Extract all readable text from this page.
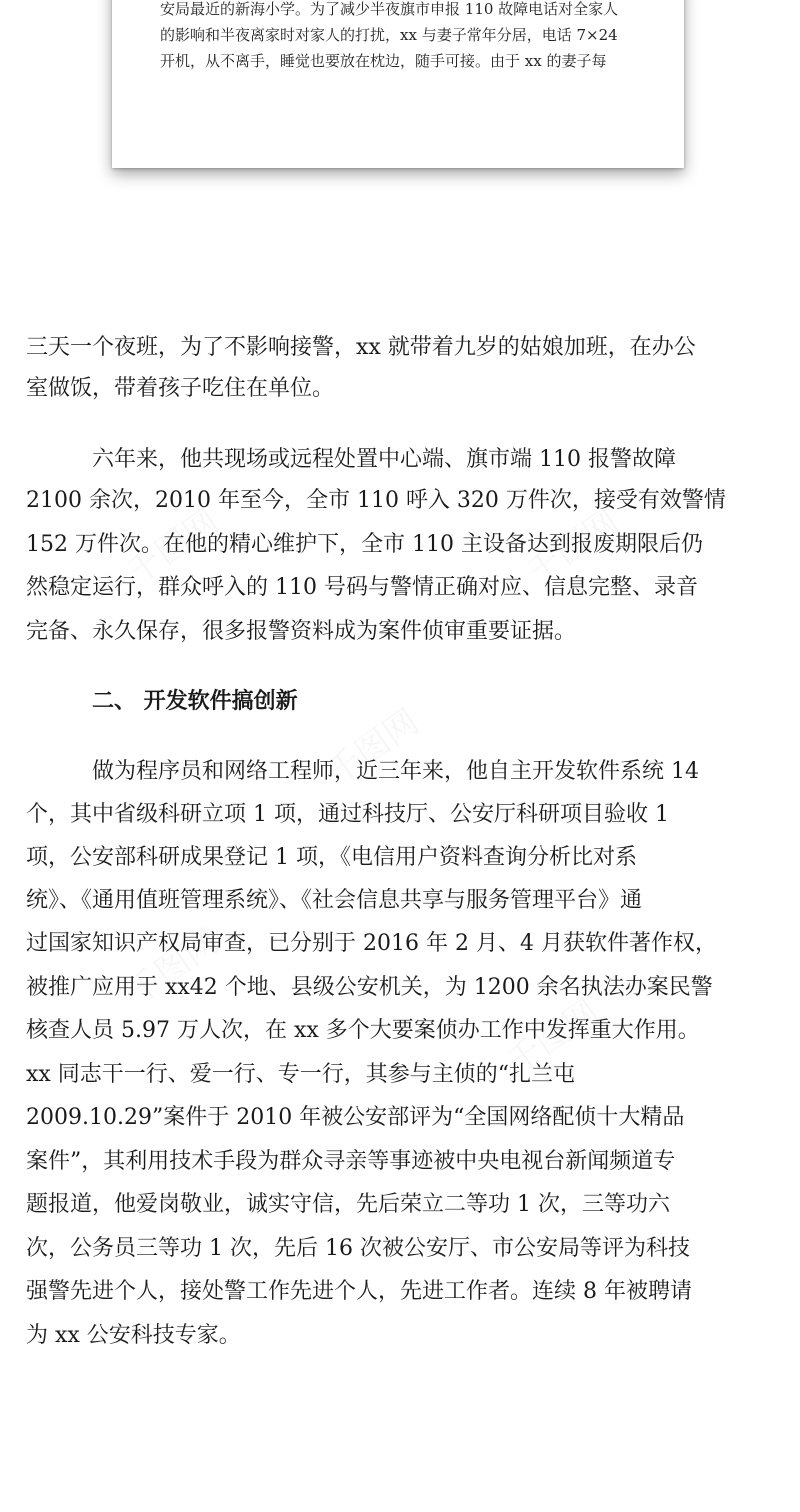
千图网	千图网
千图网
千图网
千图网
安局最近的新海小学。为了减少半夜旗市申报 110 故障电话对全家人
的影响和半夜离家时对家人的打扰，xx 与妻子常年分居，电话 7×24
开机，从不离手，睡觉也要放在枕边，随手可接。由于 xx 的妻子每
三天一个夜班，为了不影响接警，xx 就带着九岁的姑娘加班，在办公
室做饭，带着孩子吃住在单位。
六年来，他共现场或远程处置中心端、旗市端 110 报警故障
2100 余次，2010 年至今，全市 110 呼入 320 万件次，接受有效警情
152 万件次。在他的精心维护下，全市 110 主设备达到报废期限后仍
然稳定运行，群众呼入的 110 号码与警情正确对应、信息完整、录音
完备、永久保存，很多报警资料成为案件侦审重要证据。
二、 开发软件搞创新
做为程序员和网络工程师，近三年来，他自主开发软件系统 14
个，其中省级科研立项 1 项，通过科技厅、公安厅科研项目验收 1
项，公安部科研成果登记 1 项，《电信用户资料查询分析比对系
统》、《通用值班管理系统》、《社会信息共享与服务管理平台》通
过国家知识产权局审查，已分别于 2016 年 2 月、4 月获软件著作权，
被推广应用于 xx42 个地、县级公安机关，为 1200 余名执法办案民警
核查人员 5.97 万人次，在 xx 多个大要案侦办工作中发挥重大作用。
xx 同志干一行、爱一行、专一行，其参与主侦的“扎兰屯
2009.10.29”案件于 2010 年被公安部评为“全国网络配侦十大精品
案件”，其利用技术手段为群众寻亲等事迹被中央电视台新闻频道专
题报道，他爱岗敬业，诚实守信，先后荣立二等功 1 次，三等功六
次，公务员三等功 1 次，先后 16 次被公安厅、市公安局等评为科技
强警先进个人，接处警工作先进个人，先进工作者。连续 8 年被聘请
为 xx 公安科技专家。
